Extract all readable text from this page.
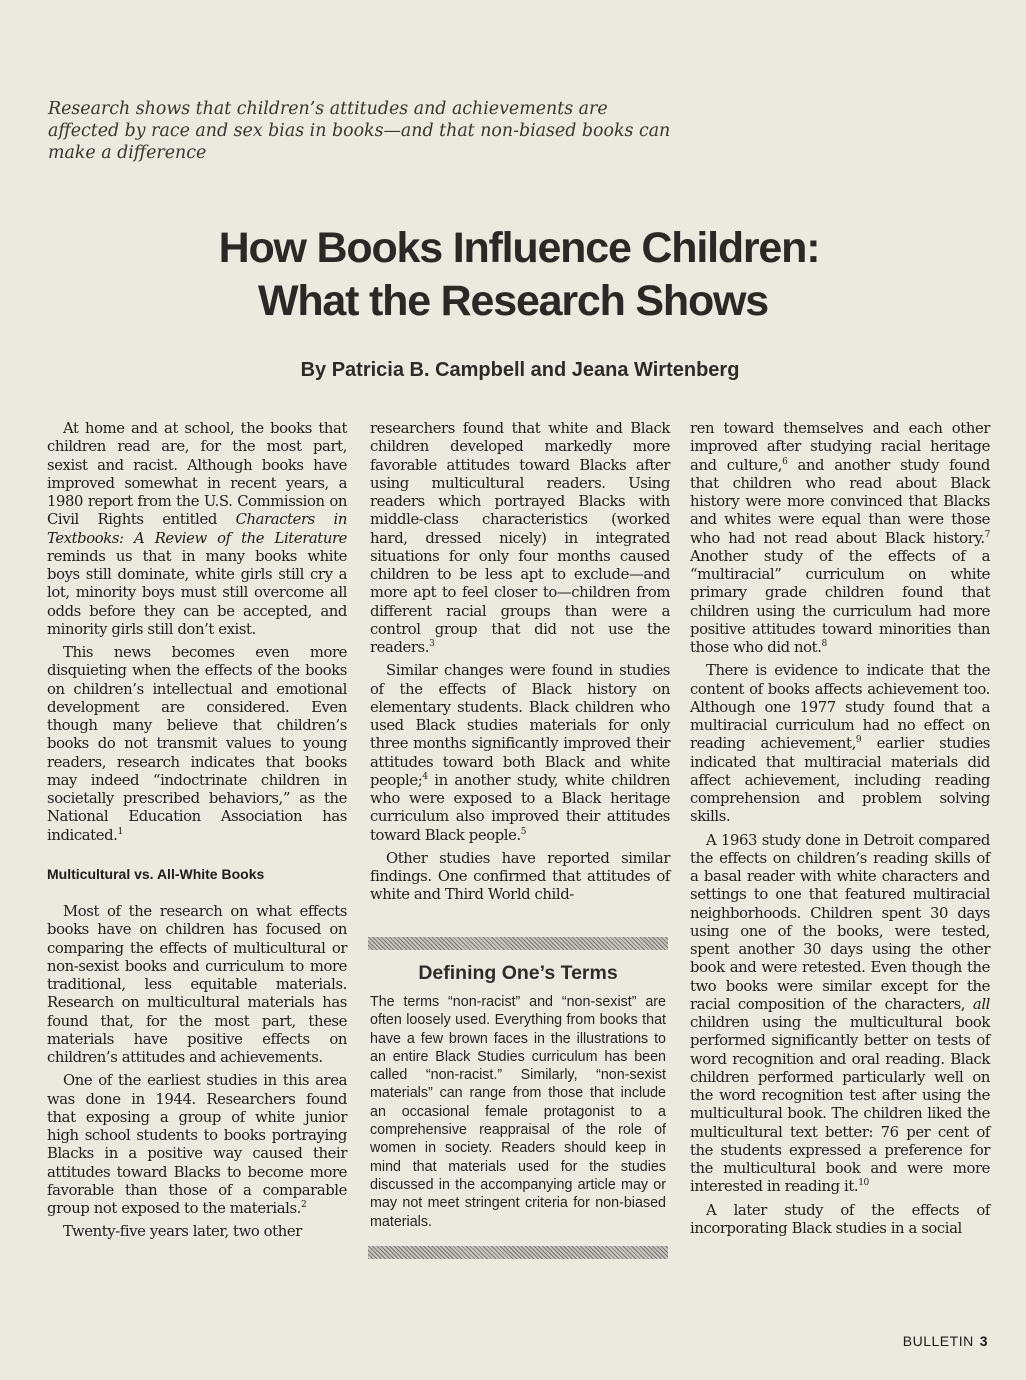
Research shows that children’s attitudes and achievements are

affected by race and sex bias in books—and that non-biased books can

make a difference

How Books Influence Children:
What the Research Shows
By Patricia B. Campbell and Jeana Wirtenberg

At home and at school, the books that children read are, for the most part, sexist and racist. Although books have improved somewhat in recent years, a 1980 report from the U.S. Commission on Civil Rights entitled Characters in Textbooks: A Review of the Literature reminds us that in many books white boys still dominate, white girls still cry a lot, minority boys must still overcome all odds before they can be accepted, and minority girls still don’t exist.

This news becomes even more disquieting when the effects of the books on children’s intellectual and emotional development are considered. Even though many believe that children’s books do not transmit values to young readers, research indicates that books may indeed “indoctrinate children in societally prescribed behaviors,” as the National Education Association has indicated.$^1$

Multicultural vs. All-White Books

Most of the research on what effects books have on children has focused on comparing the effects of multicultural or non-sexist books and curriculum to more traditional, less equitable materials. Research on multicultural materials has found that, for the most part, these materials have positive effects on children’s attitudes and achievements.

One of the earliest studies in this area was done in 1944. Researchers found that exposing a group of white junior high school students to books portraying Blacks in a positive way caused their attitudes toward Blacks to become more favorable than those of a comparable group not exposed to the materials.$^2$

Twenty-five years later, two other

researchers found that white and Black children developed markedly more favorable attitudes toward Blacks after using multicultural readers. Using readers which portrayed Blacks with middle-class characteristics (worked hard, dressed nicely) in integrated situations for only four months caused children to be less apt to exclude—and more apt to feel closer to—children from different racial groups than were a control group that did not use the readers.$^3$

Similar changes were found in studies of the effects of Black history on elementary students. Black children who used Black studies materials for only three months significantly improved their attitudes toward both Black and white people;$^4$ in another study, white children who were exposed to a Black heritage curriculum also improved their attitudes toward Black people.$^5$

Other studies have reported similar findings. One confirmed that attitudes of white and Third World child-

Defining One’s Terms

The terms “non-racist” and “non-sexist” are often loosely used. Everything from books that have a few brown faces in the illustrations to an entire Black Studies curriculum has been called “non-racist.” Similarly, “non-sexist materials” can range from those that include an occasional female protagonist to a comprehensive reappraisal of the role of women in society. Readers should keep in mind that materials used for the studies discussed in the accompanying article may or may not meet stringent criteria for non-biased materials.

ren toward themselves and each other improved after studying racial heritage and culture,$^6$ and another study found that children who read about Black history were more convinced that Blacks and whites were equal than were those who had not read about Black history.$^7$ Another study of the effects of a “multiracial” curriculum on white primary grade children found that children using the curriculum had more positive attitudes toward minorities than those who did not.$^8$

There is evidence to indicate that the content of books affects achievement too. Although one 1977 study found that a multiracial curriculum had no effect on reading achievement,$^9$ earlier studies indicated that multiracial materials did affect achievement, including reading comprehension and problem solving skills.

A 1963 study done in Detroit compared the effects on children’s reading skills of a basal reader with white characters and settings to one that featured multiracial neighborhoods. Children spent 30 days using one of the books, were tested, spent another 30 days using the other book and were retested. Even though the two books were similar except for the racial composition of the characters, all children using the multicultural book performed significantly better on tests of word recognition and oral reading. Black children performed particularly well on the word recognition test after using the multicultural book. The children liked the multicultural text better: 76 per cent of the students expressed a preference for the multicultural book and were more interested in reading it.$^{10}$

A later study of the effects of incorporating Black studies in a social

BULLETIN 3
